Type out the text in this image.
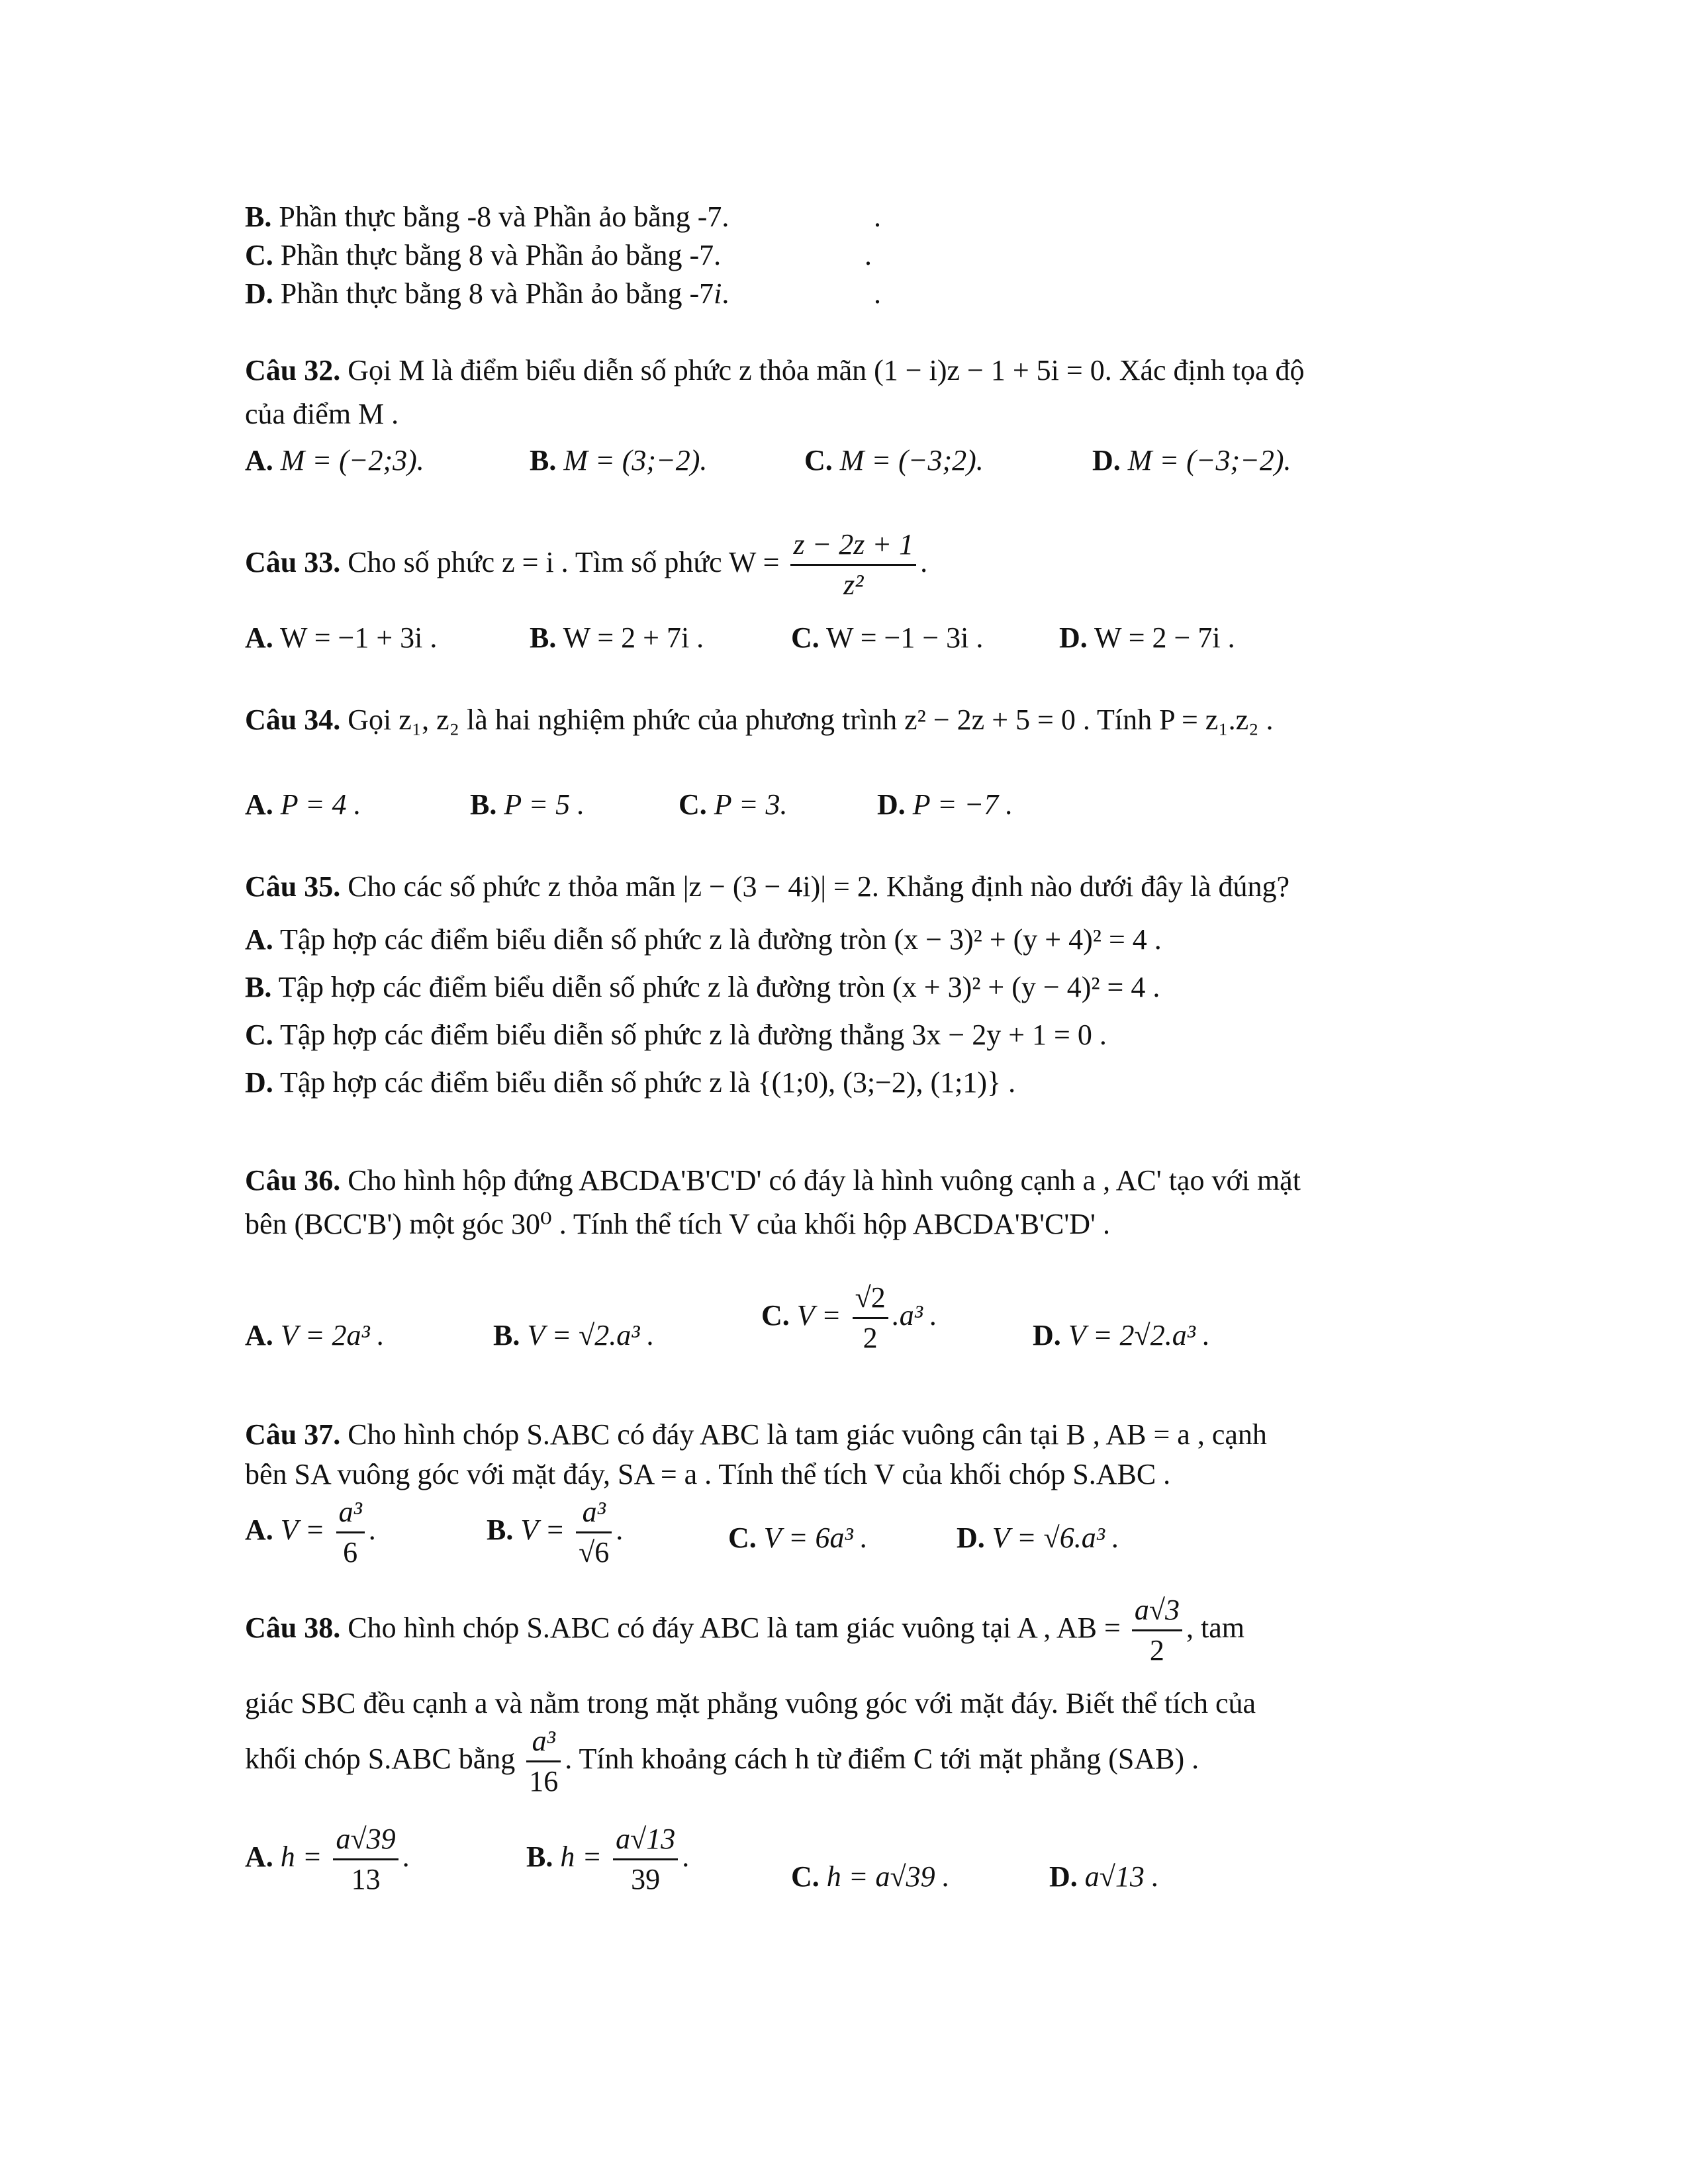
B. Phần thực bằng -8 và Phần ảo bằng -7.	.
C. Phần thực bằng 8 và Phần ảo bằng -7.	.
D. Phần thực bằng 8 và Phần ảo bằng -7i.	.
Câu 32. Gọi M là điểm biểu diễn số phức z thỏa mãn (1 − i)z − 1 + 5i = 0. Xác định tọa độ
của điểm M .
A. M = (−2;3).	B. M = (3;−2).	C. M = (−3;2).	D. M = (−3;−2).
Câu 33. Cho số phức z = i . Tìm số phức $W = \frac{z - 2z + 1}{\text{z²}}$ .
A. W = −1 + 3i .	B. W = 2 + 7i .	C. W = −1 − 3i .	D. W = 2 − 7i .
Câu 34. Gọi z₁, z₂ là hai nghiệm phức của phương trình z² − 2z + 5 = 0 . Tính P = z₁.z₂ .
A. P = 4 .	B. P = 5 .	C. P = 3.	D. P = −7 .
Câu 35. Cho các số phức z thỏa mãn |z − (3 − 4i)| = 2. Khẳng định nào dưới đây là đúng?
A. Tập hợp các điểm biểu diễn số phức z là đường tròn (x − 3)² + (y + 4)² = 4 .
B. Tập hợp các điểm biểu diễn số phức z là đường tròn (x + 3)² + (y − 4)² = 4 .
C. Tập hợp các điểm biểu diễn số phức z là đường thẳng 3x − 2y + 1 = 0 .
D. Tập hợp các điểm biểu diễn số phức z là {(1;0), (3;−2), (1;1)} .
Câu 36. Cho hình hộp đứng ABCDA'B'C'D' có đáy là hình vuông cạnh a , AC' tạo với mặt
bên (BCC'B') một góc 30⁰ . Tính thể tích V của khối hộp ABCDA'B'C'D' .
A. V = 2a³ .	B. V = √2.a³ .
C. $V = \frac{√2}{2} .a^3$ .
D. V = 2√2.a³ .
Câu 37. Cho hình chóp S.ABC có đáy ABC là tam giác vuông cân tại B , AB = a , cạnh
bên SA vuông góc với mặt đáy, SA = a . Tính thể tích V của khối chóp S.ABC .
A. $V = \frac{\text{a³}}{6}$ .	B. $V = \frac{\text{a³}}{√6}$ .	C. V = 6a³ .	D. V = √6.a³ .
Câu 38. Cho hình chóp S.ABC có đáy ABC là tam giác vuông tại A , AB = $\frac{a√3}{2}$ , tam
giác SBC đều cạnh a và nằm trong mặt phẳng vuông góc với mặt đáy. Biết thể tích của
khối chóp S.ABC bằng $\frac{\text{a³}}{16}$ . Tính khoảng cách h từ điểm C tới mặt phẳng (SAB) .
A. $h = \frac{a√39}{13}$ .	B. $h = \frac{a√13}{39}$ .
C. h = a√39 .	D. a√13 .
